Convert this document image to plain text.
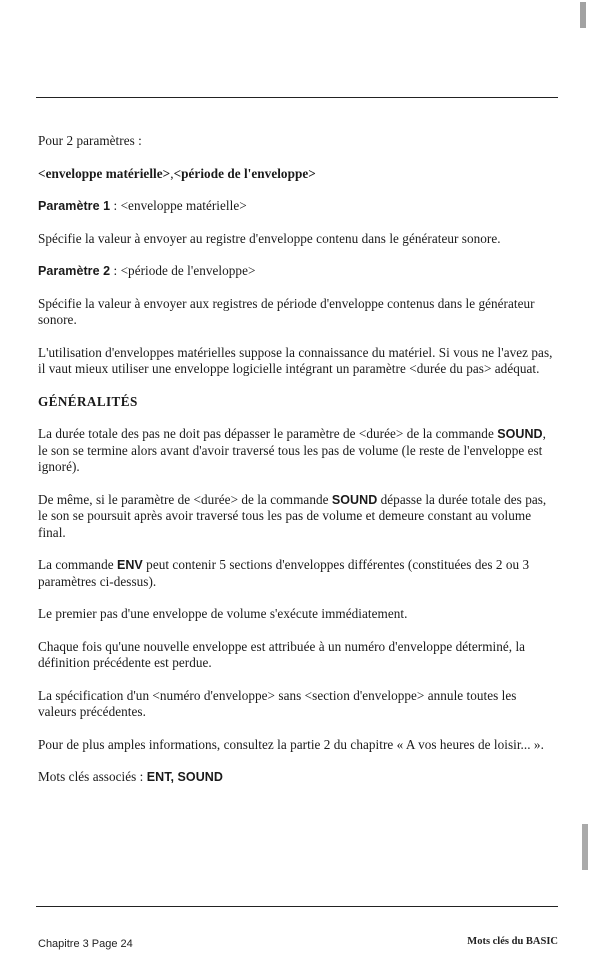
Pour 2 paramètres :

<enveloppe matérielle>,<période de l'enveloppe>

Paramètre 1 : <enveloppe matérielle>

Spécifie la valeur à envoyer au registre d'enveloppe contenu dans le générateur sonore.

Paramètre 2 : <période de l'enveloppe>

Spécifie la valeur à envoyer aux registres de période d'enveloppe contenus dans le générateur sonore.

L'utilisation d'enveloppes matérielles suppose la connaissance du matériel. Si vous ne l'avez pas, il vaut mieux utiliser une enveloppe logicielle intégrant un paramètre <durée du pas> adéquat.

GÉNÉRALITÉS

La durée totale des pas ne doit pas dépasser le paramètre de <durée> de la commande SOUND, le son se termine alors avant d'avoir traversé tous les pas de volume (le reste de l'enveloppe est ignoré).

De même, si le paramètre de <durée> de la commande SOUND dépasse la durée totale des pas, le son se poursuit après avoir traversé tous les pas de volume et demeure constant au volume final.

La commande ENV peut contenir 5 sections d'enveloppes différentes (constituées des 2 ou 3 paramètres ci-dessus).

Le premier pas d'une enveloppe de volume s'exécute immédiatement.

Chaque fois qu'une nouvelle enveloppe est attribuée à un numéro d'enveloppe déterminé, la définition précédente est perdue.

La spécification d'un <numéro d'enveloppe> sans <section d'enveloppe> annule toutes les valeurs précédentes.

Pour de plus amples informations, consultez la partie 2 du chapitre « A vos heures de loisir... ».

Mots clés associés : ENT, SOUND

Chapitre 3 Page 24	Mots clés du BASIC
